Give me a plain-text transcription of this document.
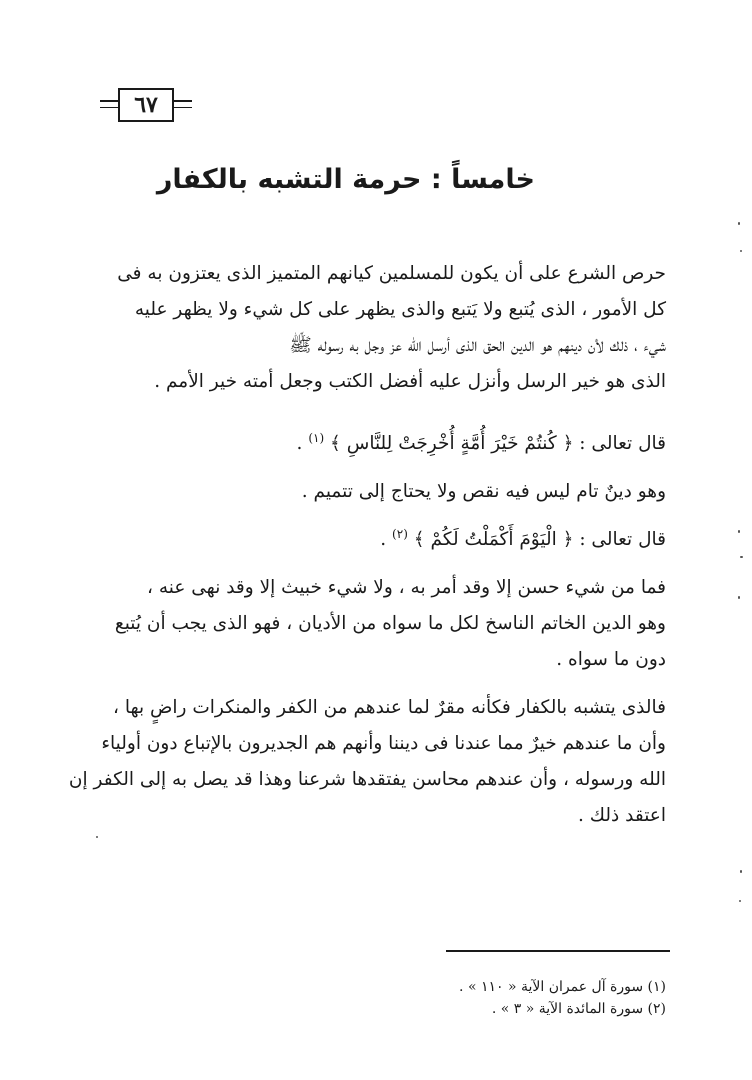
٦٧
خامساً : حرمة التشبه بالكفار
حرص الشرع على أن يكون للمسلمين كيانهم المتميز الذى يعتزون به فى
كل الأمور ، الذى يُتبع ولا يَتبع والذى يظهر على كل شيء ولا يظهر عليه
شيء ، ذلك لأن دينهم هو الدين الحق الذى أرسل الله عز وجل به رسوله ﷺ
الذى هو خير الرسل وأنزل عليه أفضل الكتب وجعل أمته خير الأمم .
قال تعالى : ﴿ كُنتُمْ خَيْرَ أُمَّةٍ أُخْرِجَتْ لِلنَّاسِ ﴾ $^{(١)}$ .
وهو دينٌ تام ليس فيه نقص ولا يحتاج إلى تتميم .
قال تعالى : ﴿ الْيَوْمَ أَكْمَلْتُ لَكُمْ ﴾ $^{(٢)}$ .
فما من شيء حسن إلا وقد أمر به ، ولا شيء خبيث إلا وقد نهى عنه ،
وهو الدين الخاتم الناسخ لكل ما سواه من الأديان ، فهو الذى يجب أن يُتبع
دون ما سواه .
فالذى يتشبه بالكفار فكأنه مقرٌ لما عندهم من الكفر والمنكرات راضٍ بها ،
وأن ما عندهم خيرٌ مما عندنا فى ديننا وأنهم هم الجديرون بالإتباع دون أولياء
الله ورسوله ، وأن عندهم محاسن يفتقدها شرعنا وهذا قد يصل به إلى الكفر إن
اعتقد ذلك .
(١) سورة آل عمران الآية « ١١٠ » .
(٢) سورة المائدة الآية « ٣ » .
